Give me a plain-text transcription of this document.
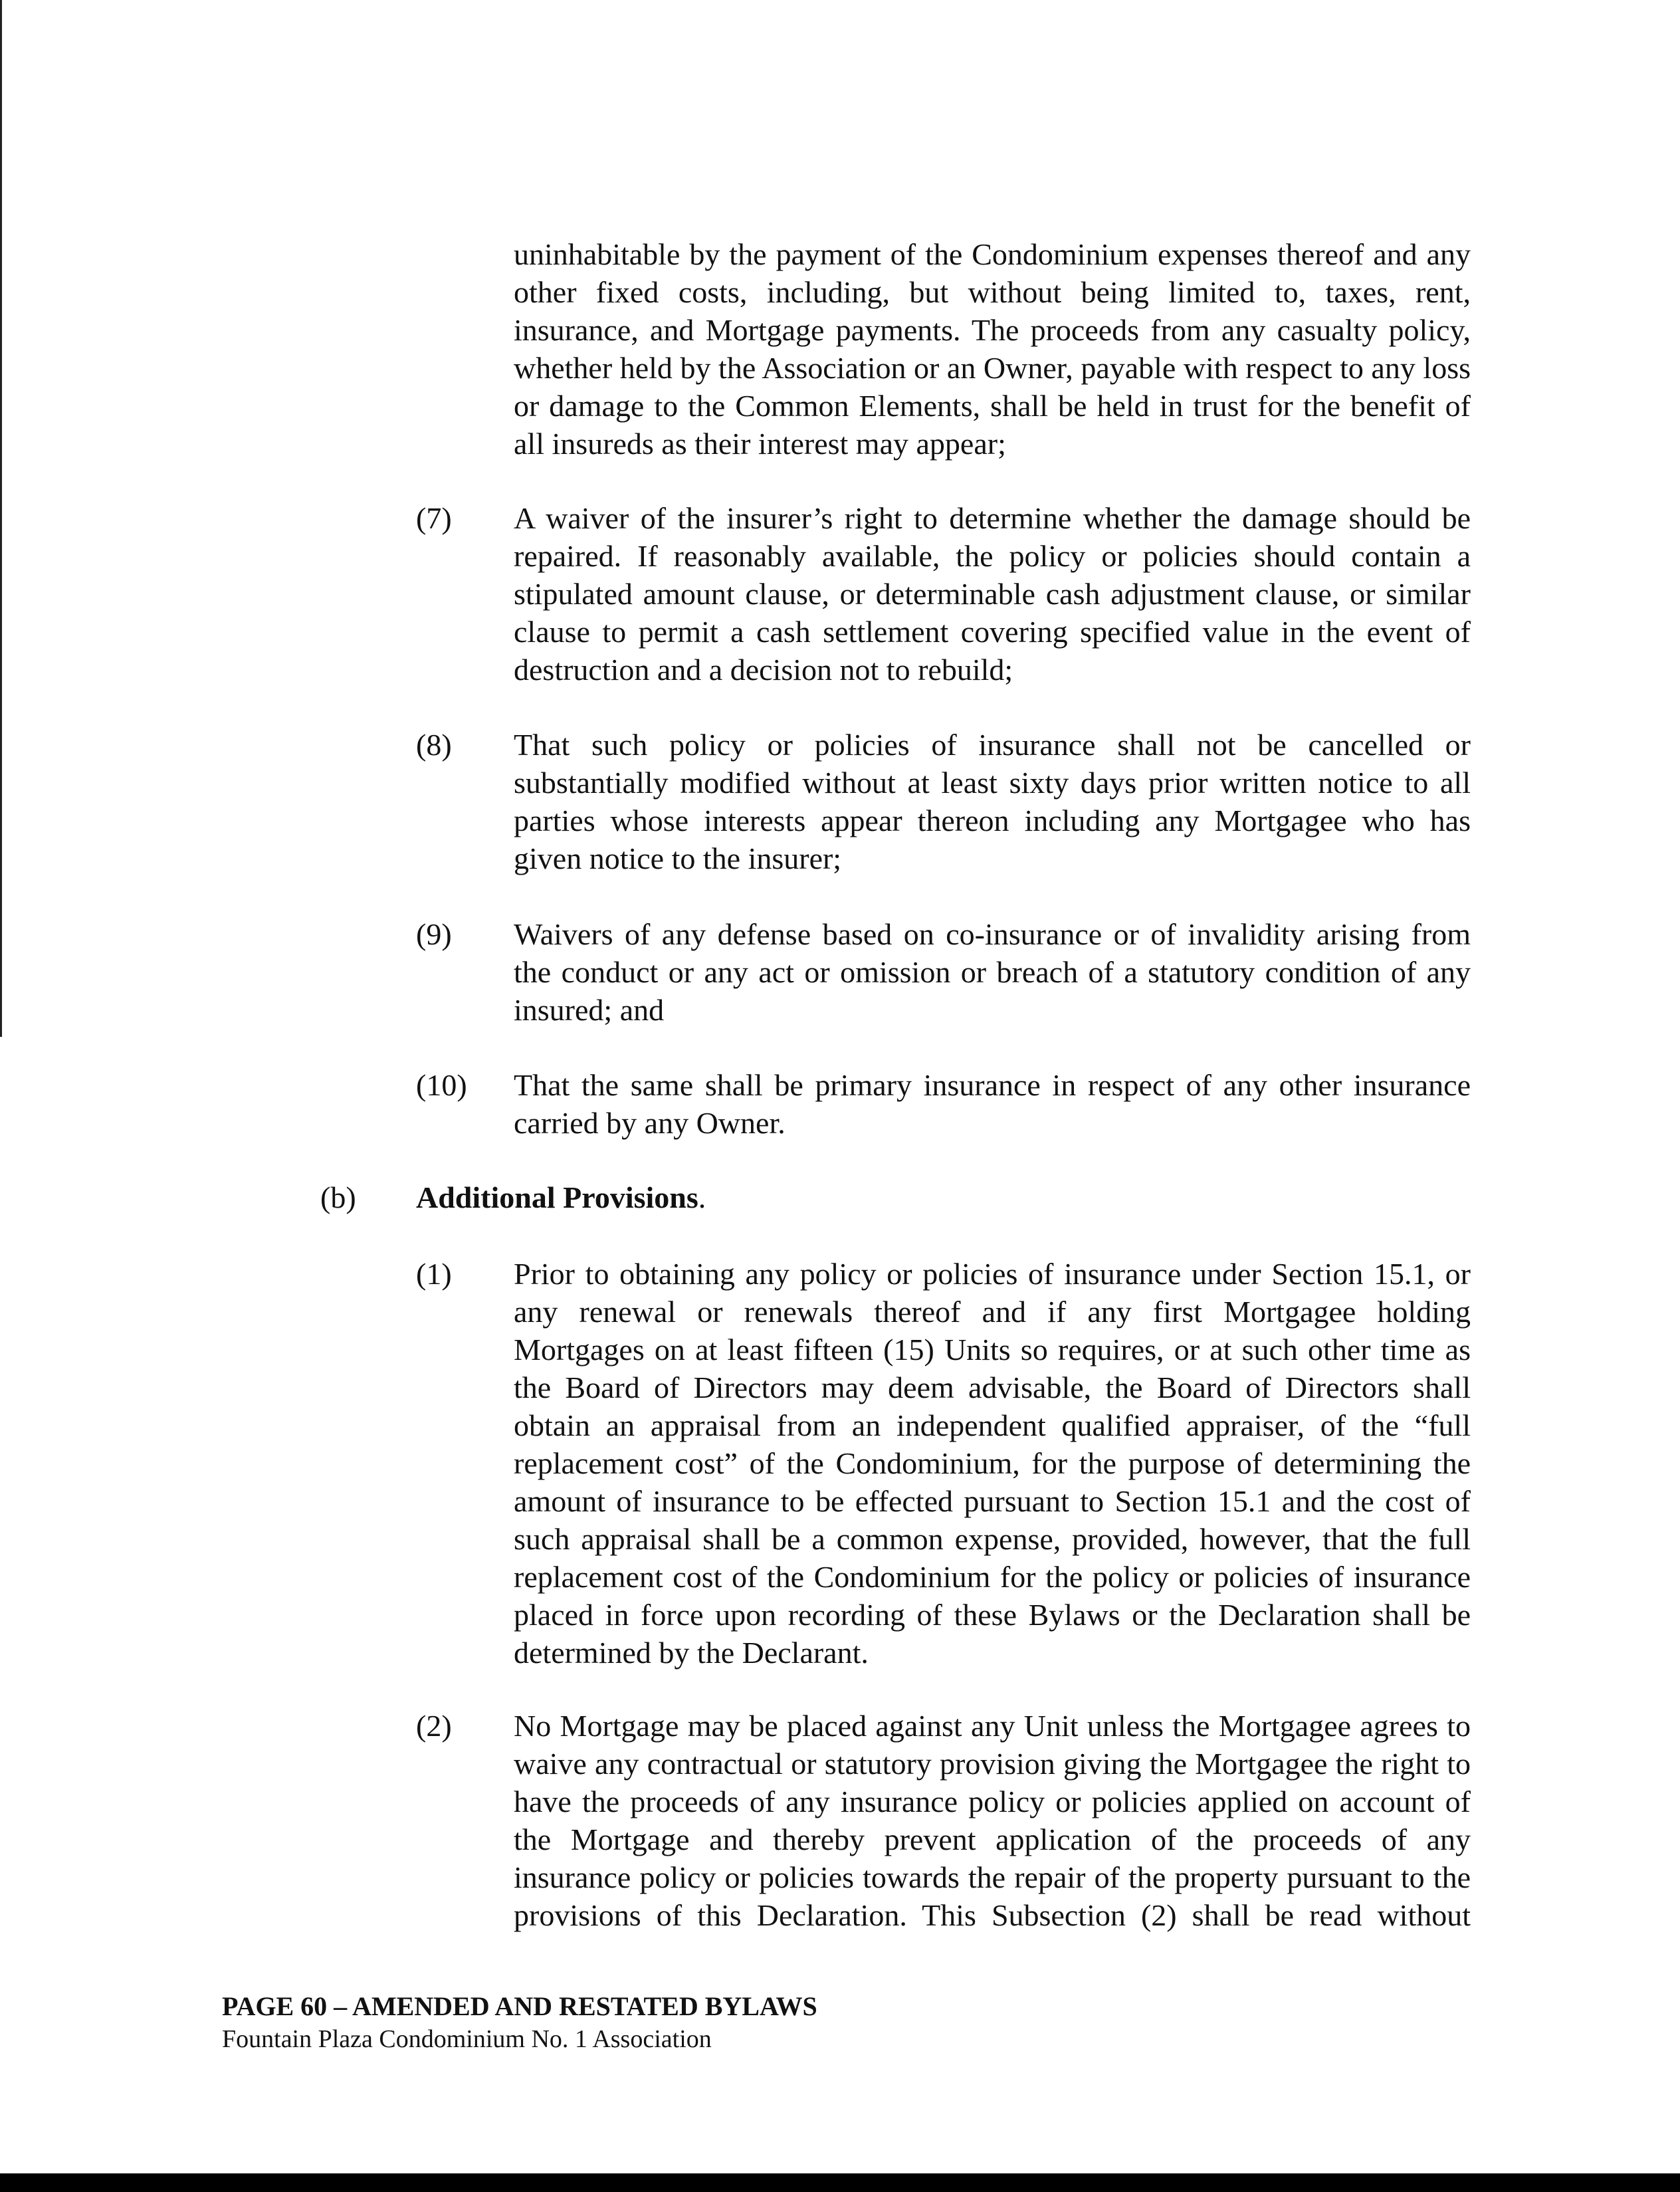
uninhabitable by the payment of the Condominium expenses thereof and any other fixed costs, including, but without being limited to, taxes, rent, insurance, and Mortgage payments. The proceeds from any casualty policy, whether held by the Association or an Owner, payable with respect to any loss or damage to the Common Elements, shall be held in trust for the benefit of all insureds as their interest may appear;
(7) A waiver of the insurer’s right to determine whether the damage should be repaired. If reasonably available, the policy or policies should contain a stipulated amount clause, or determinable cash adjustment clause, or similar clause to permit a cash settlement covering specified value in the event of destruction and a decision not to rebuild;
(8) That such policy or policies of insurance shall not be cancelled or substantially modified without at least sixty days prior written notice to all parties whose interests appear thereon including any Mortgagee who has given notice to the insurer;
(9) Waivers of any defense based on co-insurance or of invalidity arising from the conduct or any act or omission or breach of a statutory condition of any insured; and
(10) That the same shall be primary insurance in respect of any other insurance carried by any Owner.
(b) Additional Provisions.
(1) Prior to obtaining any policy or policies of insurance under Section 15.1, or any renewal or renewals thereof and if any first Mortgagee holding Mortgages on at least fifteen (15) Units so requires, or at such other time as the Board of Directors may deem advisable, the Board of Directors shall obtain an appraisal from an independent qualified appraiser, of the “full replacement cost” of the Condominium, for the purpose of determining the amount of insurance to be effected pursuant to Section 15.1 and the cost of such appraisal shall be a common expense, provided, however, that the full replacement cost of the Condominium for the policy or policies of insurance placed in force upon recording of these Bylaws or the Declaration shall be determined by the Declarant.
(2) No Mortgage may be placed against any Unit unless the Mortgagee agrees to waive any contractual or statutory provision giving the Mortgagee the right to have the proceeds of any insurance policy or policies applied on account of the Mortgage and thereby prevent application of the proceeds of any insurance policy or policies towards the repair of the property pursuant to the provisions of this Declaration. This Subsection (2) shall be read without
PAGE 60 – AMENDED AND RESTATED BYLAWS
Fountain Plaza Condominium No. 1 Association
